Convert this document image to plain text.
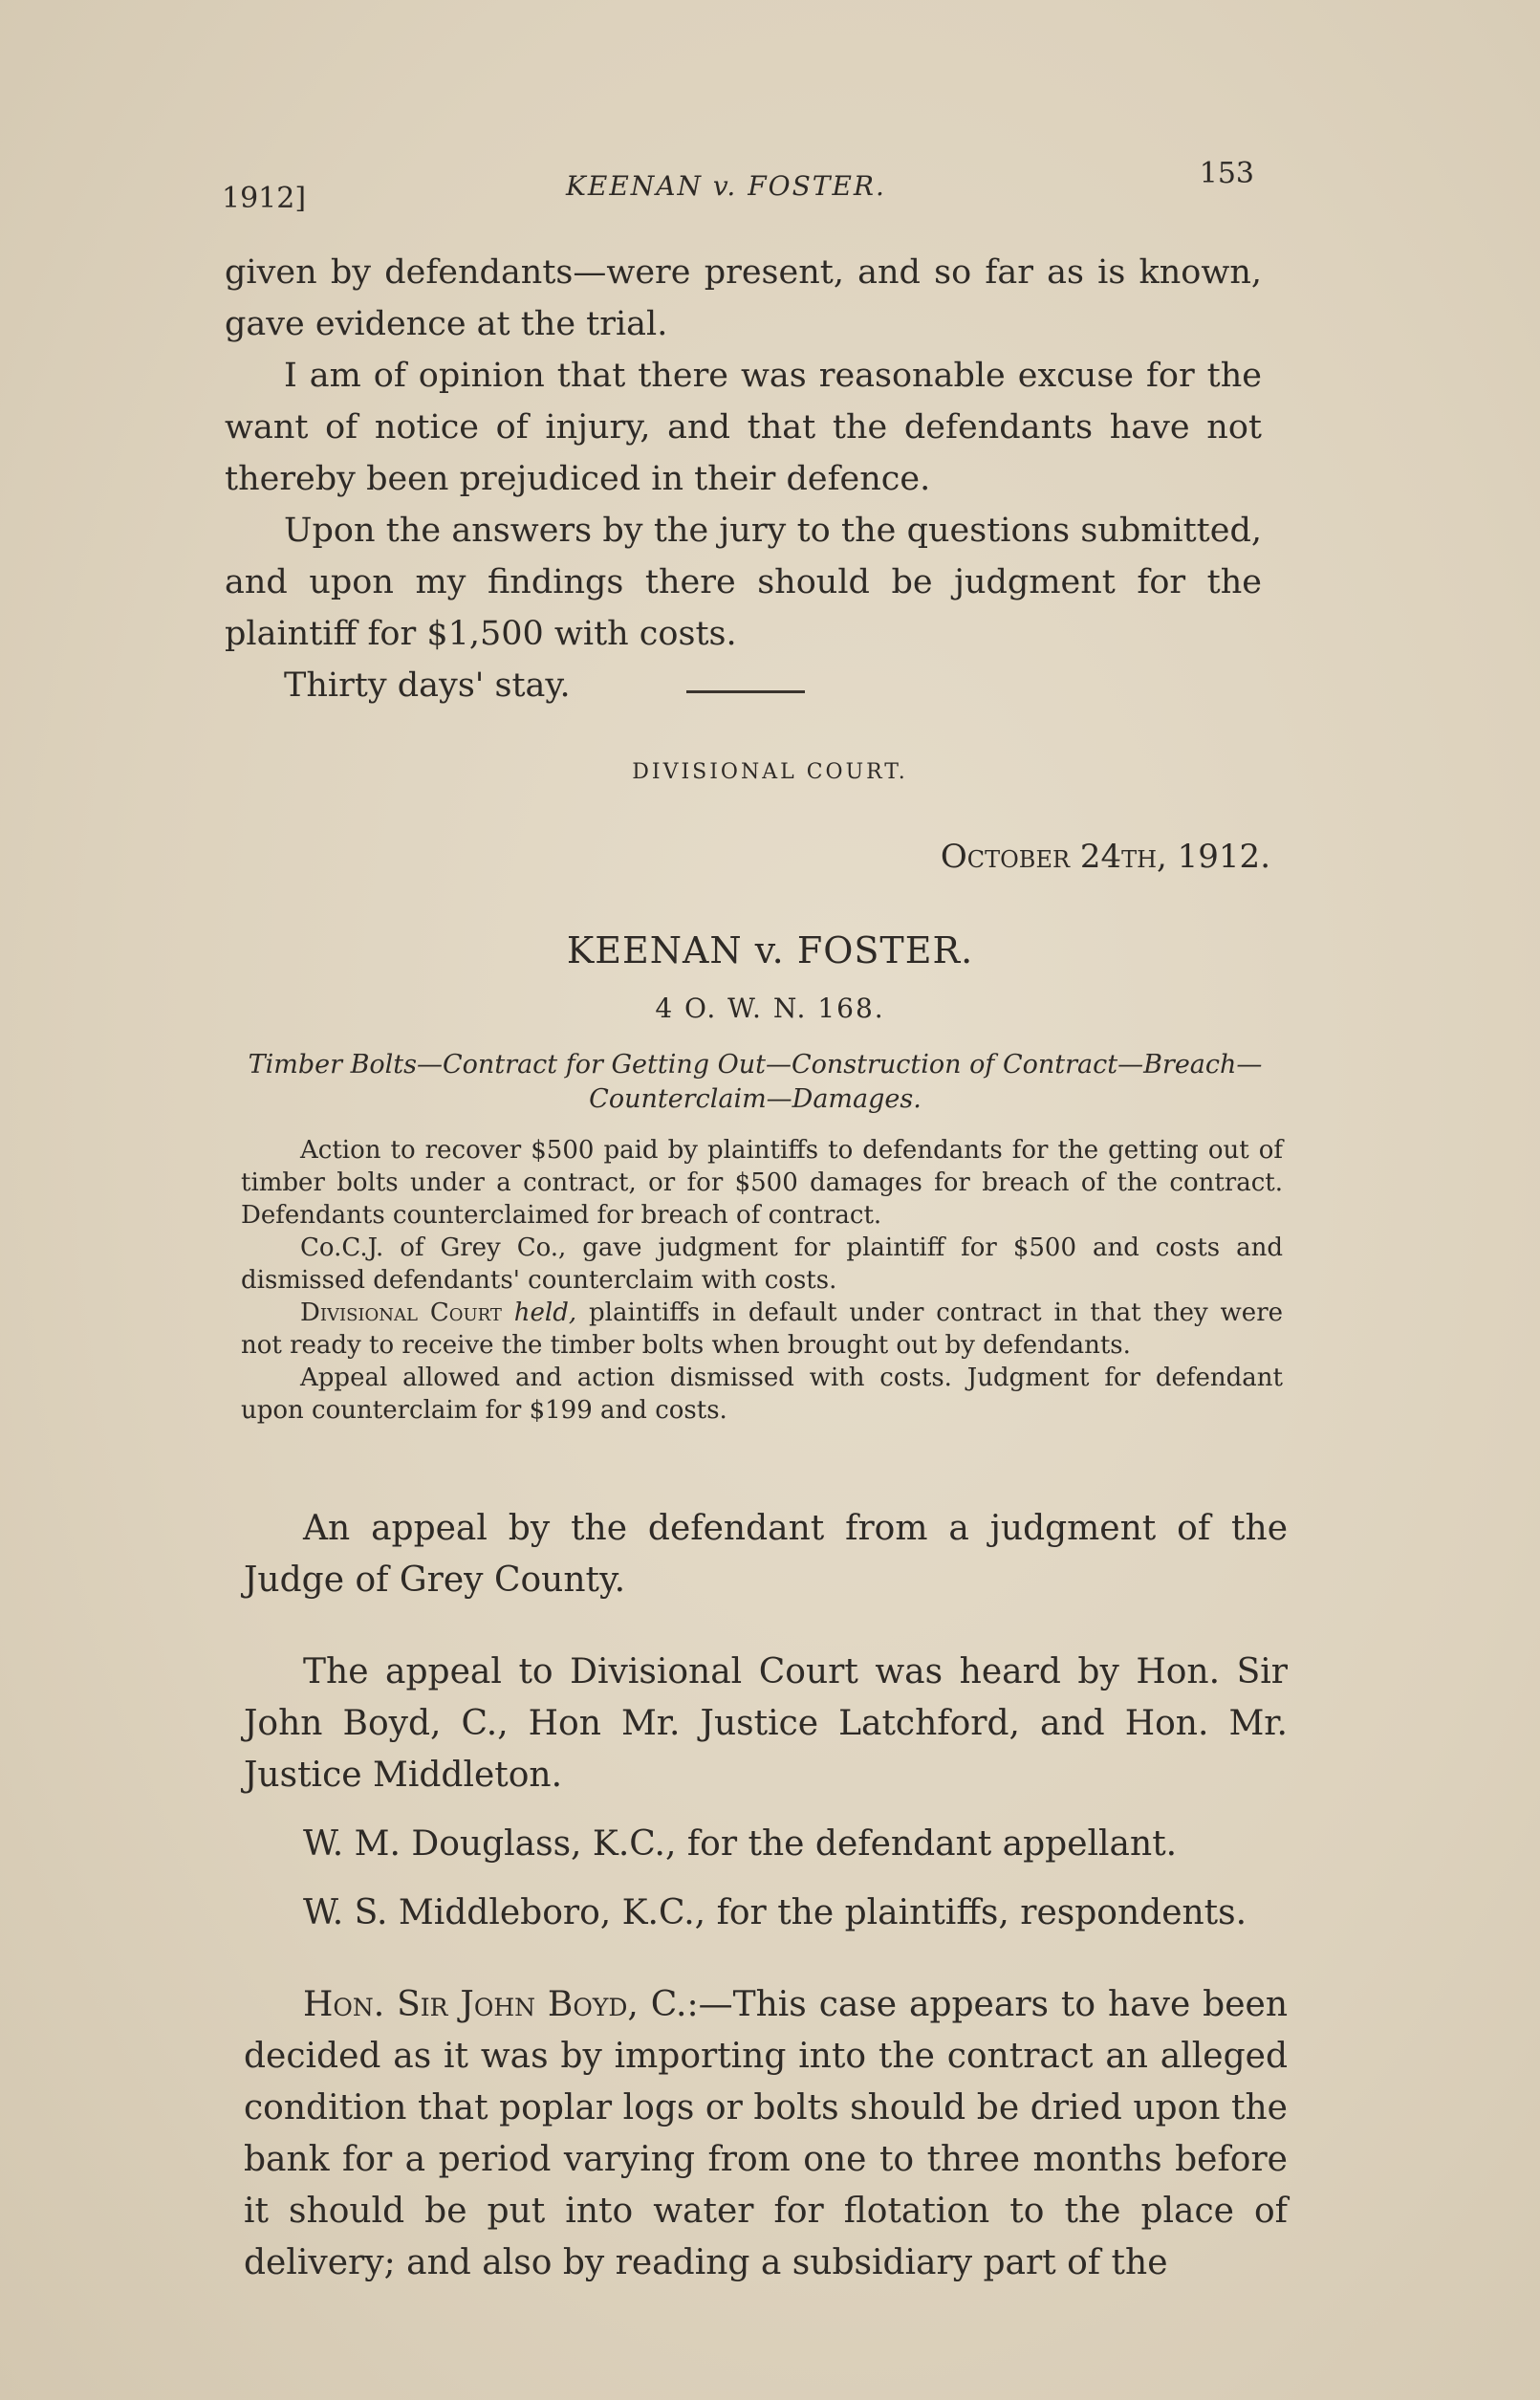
1912]	KEENAN v. FOSTER.	153

given by defendants—were present, and so far as is known, gave evidence at the trial.

I am of opinion that there was reasonable excuse for the want of notice of injury, and that the defendants have not thereby been prejudiced in their defence.

Upon the answers by the jury to the questions submitted, and upon my findings there should be judgment for the plaintiff for $1,500 with costs.

Thirty days' stay.

DIVISIONAL COURT.
October 24th, 1912.
KEENAN v. FOSTER.
4 O. W. N. 168.
Timber Bolts—Contract for Getting Out—Construction of Contract—Breach—Counterclaim—Damages.

Action to recover $500 paid by plaintiffs to defendants for the getting out of timber bolts under a contract, or for $500 damages for breach of the contract. Defendants counterclaimed for breach of contract.

Co.C.J. of Grey Co., gave judgment for plaintiff for $500 and costs and dismissed defendants' counterclaim with costs.

Divisional Court held, plaintiffs in default under contract in that they were not ready to receive the timber bolts when brought out by defendants.

Appeal allowed and action dismissed with costs. Judgment for defendant upon counterclaim for $199 and costs.

An appeal by the defendant from a judgment of the Judge of Grey County.

The appeal to Divisional Court was heard by Hon. Sir John Boyd, C., Hon Mr. Justice Latchford, and Hon. Mr. Justice Middleton.

W. M. Douglass, K.C., for the defendant appellant.

W. S. Middleboro, K.C., for the plaintiffs, respondents.

Hon. Sir John Boyd, C.:—This case appears to have been decided as it was by importing into the contract an alleged condition that poplar logs or bolts should be dried upon the bank for a period varying from one to three months before it should be put into water for flotation to the place of delivery; and also by reading a subsidiary part of the
